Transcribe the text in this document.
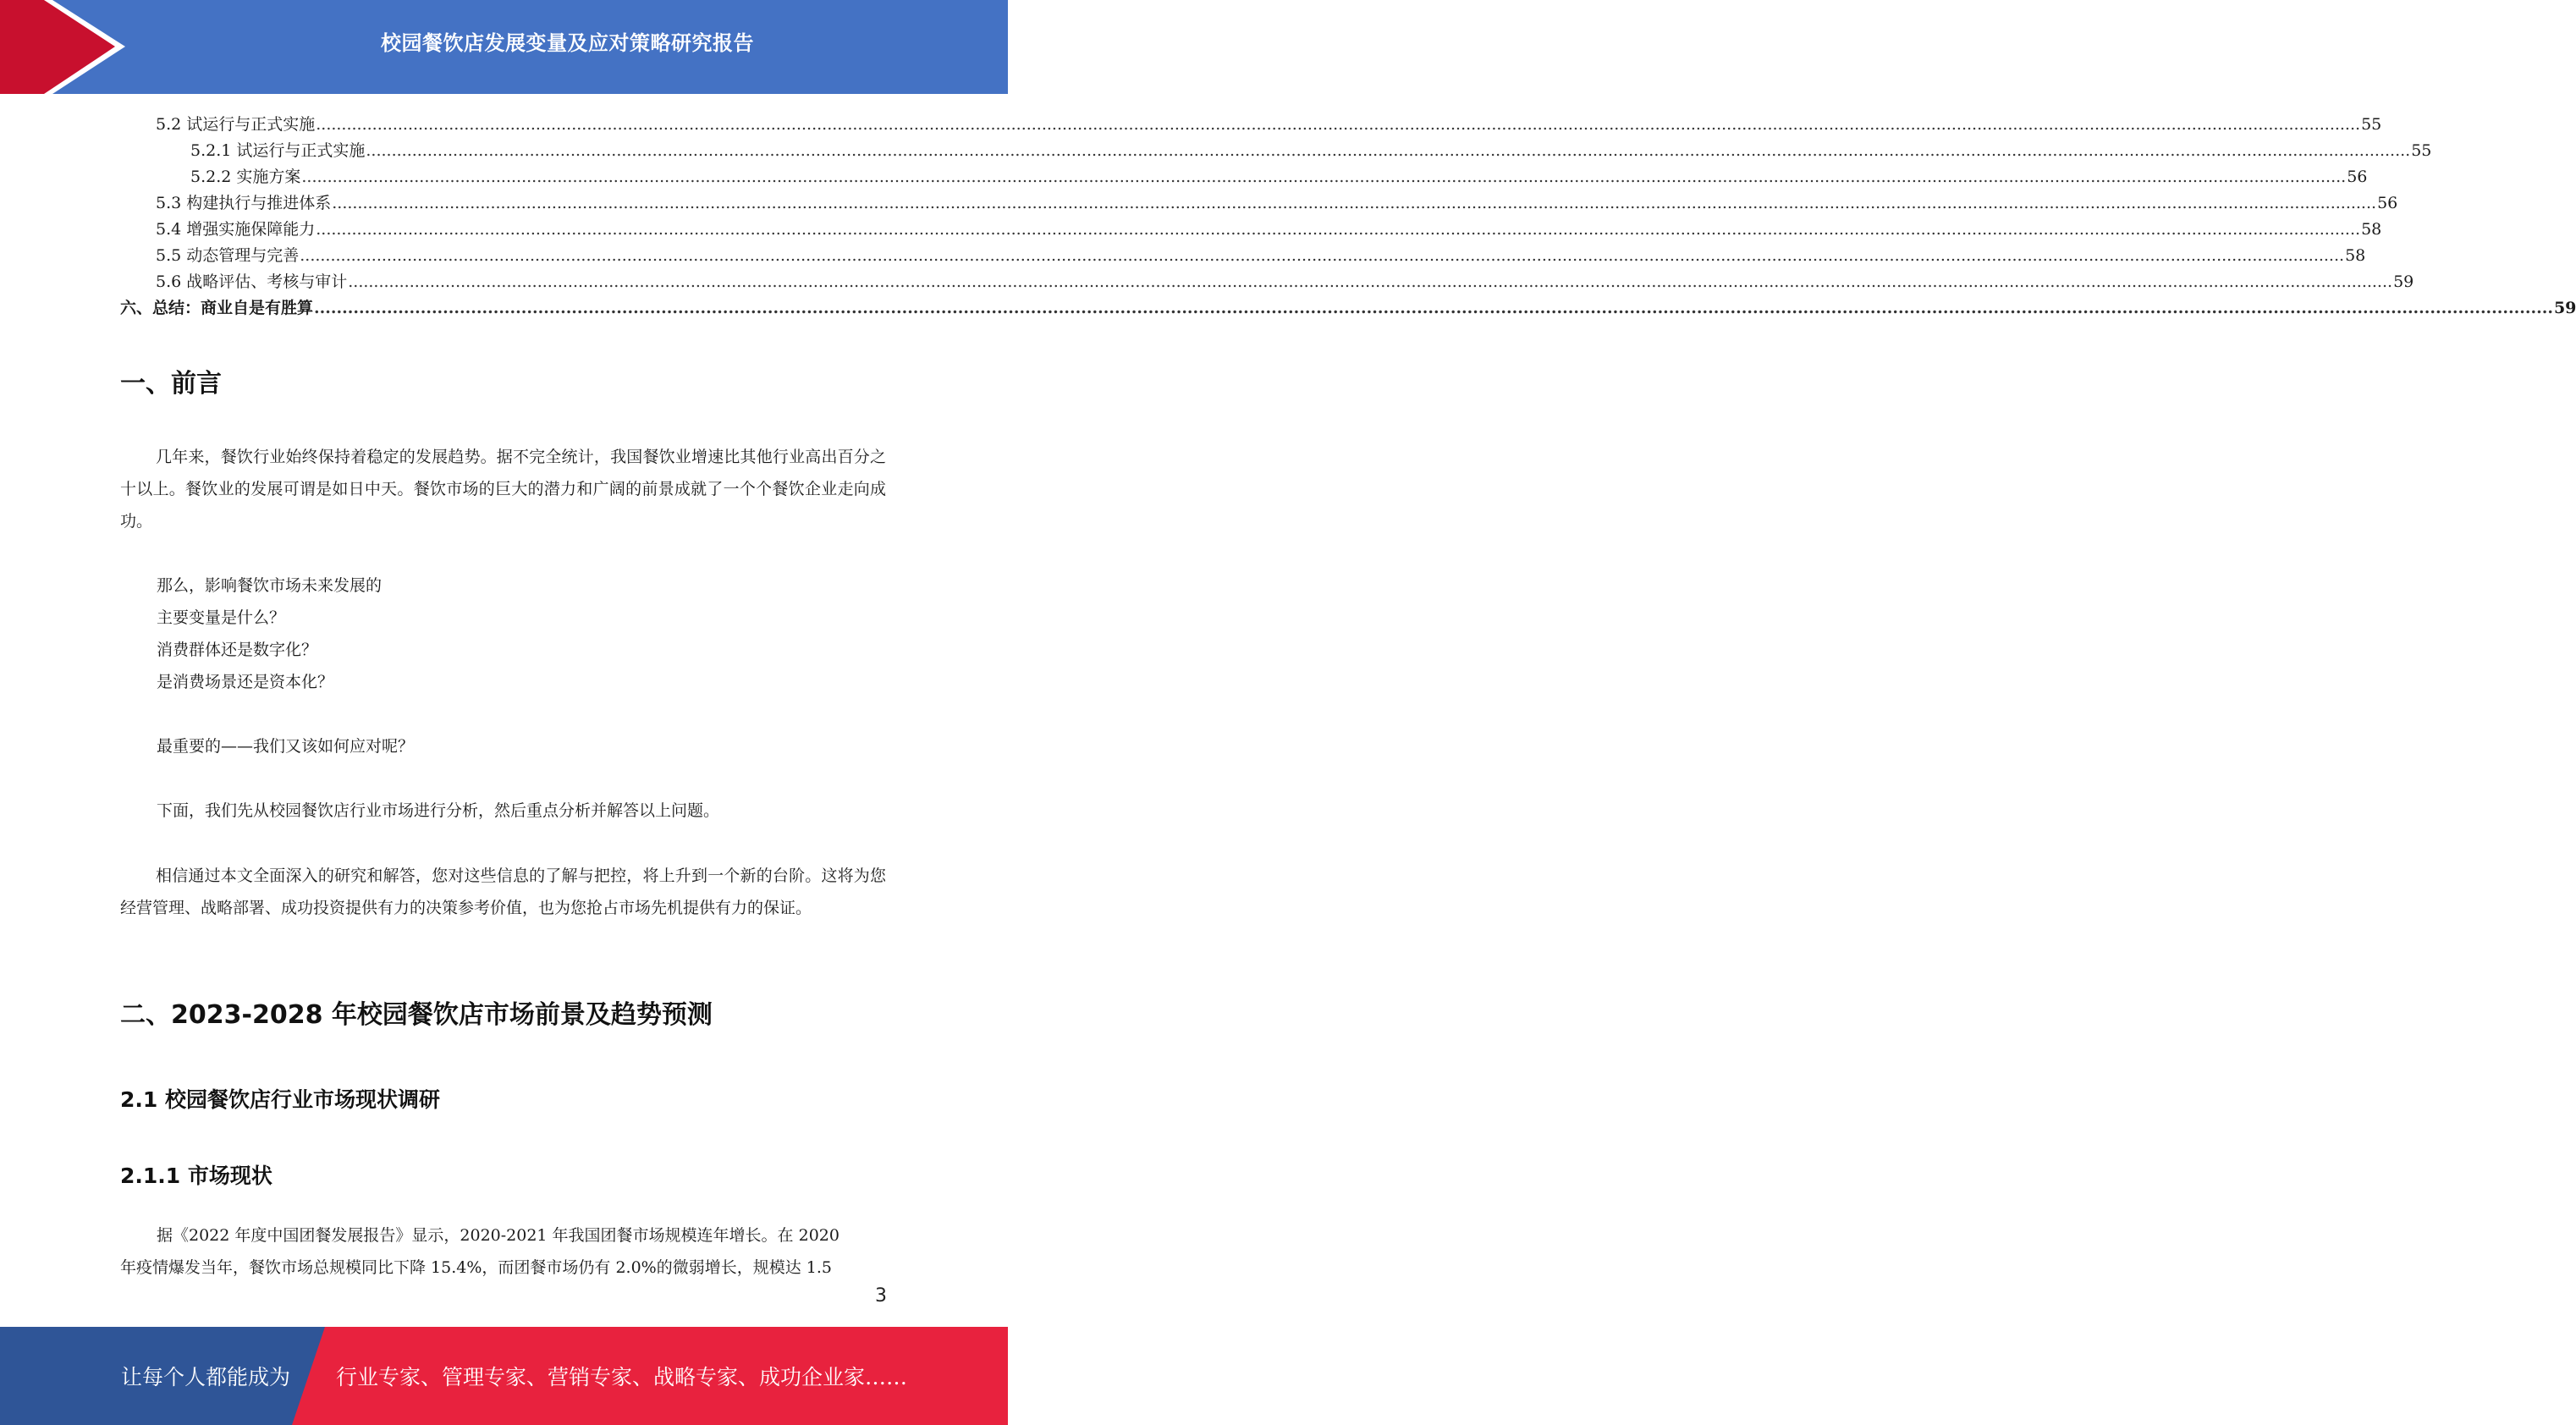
校园餐饮店发展变量及应对策略研究报告
5.2 试运行与正式实施 ................................................................................................................................................................................................................................................................................................................................................................................................................ 55
5.2.1 试运行与正式实施 ................................................................................................................................................................................................................................................................................................................................................................................................................ 55
5.2.2 实施方案 ................................................................................................................................................................................................................................................................................................................................................................................................................ 56
5.3 构建执行与推进体系 ................................................................................................................................................................................................................................................................................................................................................................................................................ 56
5.4 增强实施保障能力 ................................................................................................................................................................................................................................................................................................................................................................................................................ 58
5.5 动态管理与完善 ................................................................................................................................................................................................................................................................................................................................................................................................................ 58
5.6 战略评估、考核与审计 ................................................................................................................................................................................................................................................................................................................................................................................................................ 59
六、 总结：商业自是有胜算 ................................................................................................................................................................................................................................................................................................................................................................................................................ 59
一、前言
几年来，餐饮行业始终保持着稳定的发展趋势。据不完全统计，我国餐饮业增速比其他行业高出百分之十以上。餐饮业的发展可谓是如日中天。餐饮市场的巨大的潜力和广阔的前景成就了一个个餐饮企业走向成功。
那么，影响餐饮市场未来发展的
主要变量是什么？
消费群体还是数字化？
是消费场景还是资本化？
最重要的——我们又该如何应对呢？
下面，我们先从校园餐饮店行业市场进行分析，然后重点分析并解答以上问题。
相信通过本文全面深入的研究和解答，您对这些信息的了解与把控，将上升到一个新的台阶。这将为您经营管理、战略部署、成功投资提供有力的决策参考价值，也为您抢占市场先机提供有力的保证。
二、2023-2028 年校园餐饮店市场前景及趋势预测
2.1 校园餐饮店行业市场现状调研
2.1.1 市场现状
据《2022 年度中国团餐发展报告》显示，2020-2021 年我国团餐市场规模连年增长。在 2020
年疫情爆发当年，餐饮市场总规模同比下降 15.4%，而团餐市场仍有 2.0%的微弱增长，规模达 1.5
3
让每个人都能成为 行业专家、管理专家、营销专家、战略专家、成功企业家……
